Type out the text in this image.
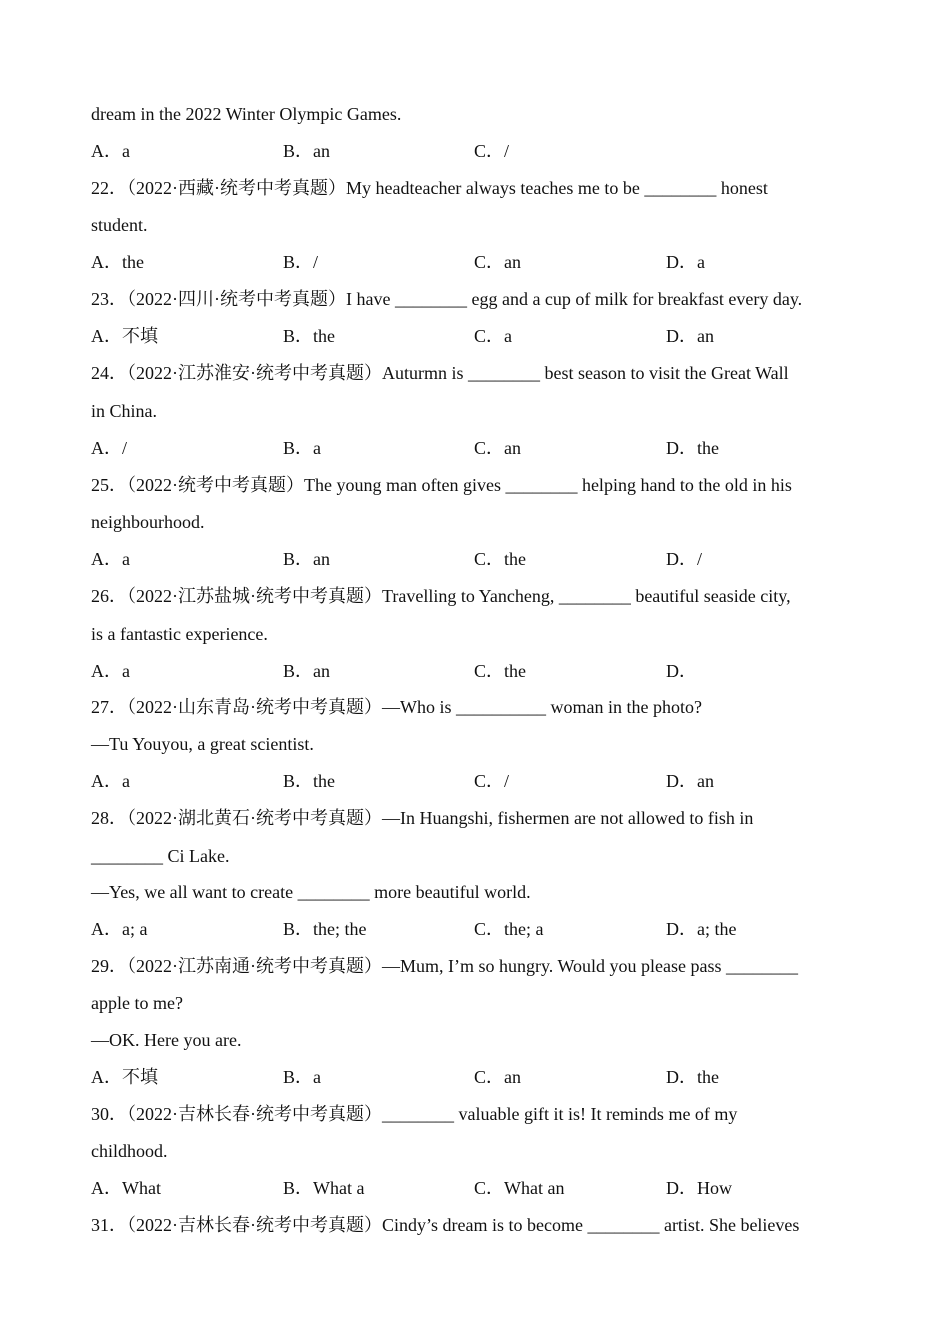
dream in the 2022 Winter Olympic Games.
A．a	B．an	C．/
22．（2022·西藏·统考中考真题）My headteacher always teaches me to be ________ honest
student.
A．the	B．/	C．an	D．a
23．（2022·四川·统考中考真题）I have ________ egg and a cup of milk for breakfast every day.
A．不填	B．the	C．a	D．an
24．（2022·江苏淮安·统考中考真题）Auturmn is ________ best season to visit the Great Wall
in China.
A．/	B．a	C．an	D．the
25．（2022·统考中考真题）The young man often gives ________ helping hand to the old in his
neighbourhood.
A．a	B．an	C．the	D．/
26．（2022·江苏盐城·统考中考真题）Travelling to Yancheng, ________ beautiful seaside city,
is a fantastic experience.
A．a	B．an	C．the	D．
27．（2022·山东青岛·统考中考真题）—Who is __________ woman in the photo?
—Tu Youyou, a great scientist.
A．a	B．the	C．/	D．an
28．（2022·湖北黄石·统考中考真题）—In Huangshi, fishermen are not allowed to fish in
________ Ci Lake.
—Yes, we all want to create ________ more beautiful world.
A．a; a	B．the; the	C．the; a	D．a; the
29．（2022·江苏南通·统考中考真题）—Mum, I’m so hungry. Would you please pass ________
apple to me?
—OK. Here you are.
A．不填	B．a	C．an	D．the
30．（2022·吉林长春·统考中考真题）________ valuable gift it is! It reminds me of my
childhood.
A．What	B．What a	C．What an	D．How
31．（2022·吉林长春·统考中考真题）Cindy’s dream is to become ________ artist. She believes
